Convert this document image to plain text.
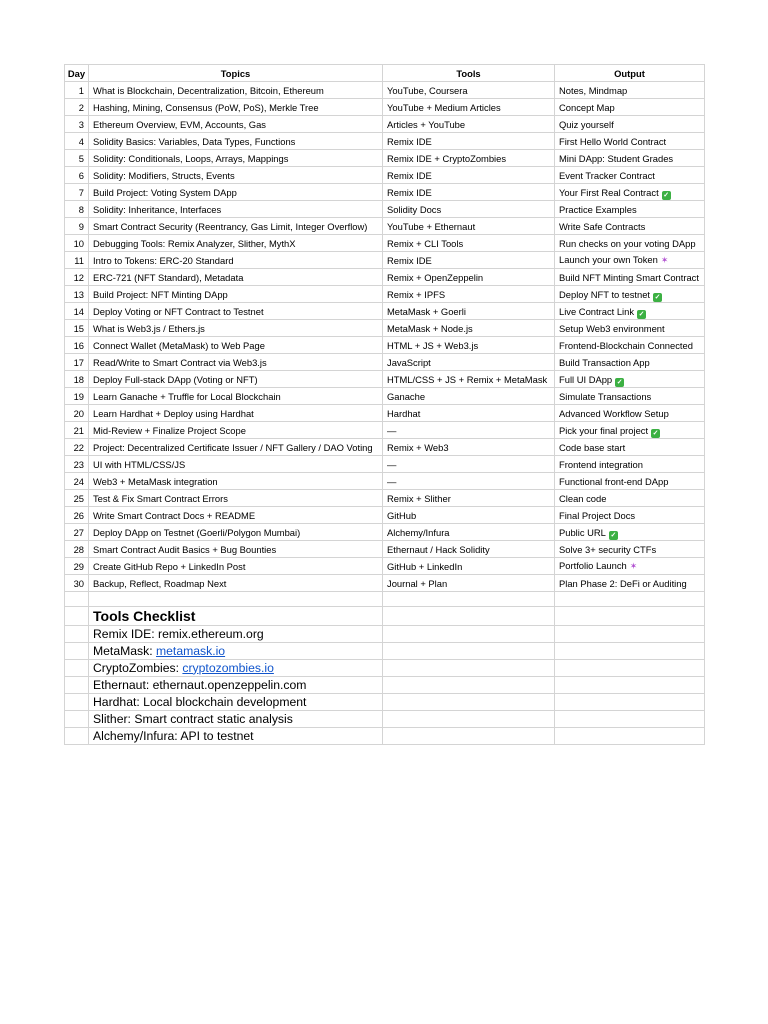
Day	Topics	Tools	Output
1	What is Blockchain, Decentralization, Bitcoin, Ethereum	YouTube, Coursera	Notes, Mindmap
2	Hashing, Mining, Consensus (PoW, PoS), Merkle Tree	YouTube + Medium Articles	Concept Map
3	Ethereum Overview, EVM, Accounts, Gas	Articles + YouTube	Quiz yourself
4	Solidity Basics: Variables, Data Types, Functions	Remix IDE	First Hello World Contract
5	Solidity: Conditionals, Loops, Arrays, Mappings	Remix IDE + CryptoZombies	Mini DApp: Student Grades
6	Solidity: Modifiers, Structs, Events	Remix IDE	Event Tracker Contract
7	Build Project: Voting System DApp	Remix IDE	Your First Real Contract ✓
8	Solidity: Inheritance, Interfaces	Solidity Docs	Practice Examples
9	Smart Contract Security (Reentrancy, Gas Limit, Integer Overflow)	YouTube + Ethernaut	Write Safe Contracts
10	Debugging Tools: Remix Analyzer, Slither, MythX	Remix + CLI Tools	Run checks on your voting DApp
11	Intro to Tokens: ERC-20 Standard	Remix IDE	Launch your own Token ✶
12	ERC-721 (NFT Standard), Metadata	Remix + OpenZeppelin	Build NFT Minting Smart Contract
13	Build Project: NFT Minting DApp	Remix + IPFS	Deploy NFT to testnet ✓
14	Deploy Voting or NFT Contract to Testnet	MetaMask + Goerli	Live Contract Link ✓
15	What is Web3.js / Ethers.js	MetaMask + Node.js	Setup Web3 environment
16	Connect Wallet (MetaMask) to Web Page	HTML + JS + Web3.js	Frontend-Blockchain Connected
17	Read/Write to Smart Contract via Web3.js	JavaScript	Build Transaction App
18	Deploy Full-stack DApp (Voting or NFT)	HTML/CSS + JS + Remix + MetaMask	Full UI DApp ✓
19	Learn Ganache + Truffle for Local Blockchain	Ganache	Simulate Transactions
20	Learn Hardhat + Deploy using Hardhat	Hardhat	Advanced Workflow Setup
21	Mid-Review + Finalize Project Scope	—	Pick your final project ✓
22	Project: Decentralized Certificate Issuer / NFT Gallery / DAO Voting	Remix + Web3	Code base start
23	UI with HTML/CSS/JS	—	Frontend integration
24	Web3 + MetaMask integration	—	Functional front-end DApp
25	Test & Fix Smart Contract Errors	Remix + Slither	Clean code
26	Write Smart Contract Docs + README	GitHub	Final Project Docs
27	Deploy DApp on Testnet (Goerli/Polygon Mumbai)	Alchemy/Infura	Public URL ✓
28	Smart Contract Audit Basics + Bug Bounties	Ethernaut / Hack Solidity	Solve 3+ security CTFs
29	Create GitHub Repo + LinkedIn Post	GitHub + LinkedIn	Portfolio Launch ✶
30	Backup, Reflect, Roadmap Next	Journal + Plan	Plan Phase 2: DeFi or Auditing

	Tools Checklist		
	Remix IDE: remix.ethereum.org		
	MetaMask: metamask.io		
	CryptoZombies: cryptozombies.io		
	Ethernaut: ethernaut.openzeppelin.com		
	Hardhat: Local blockchain development		
	Slither: Smart contract static analysis		
	Alchemy/Infura: API to testnet		
